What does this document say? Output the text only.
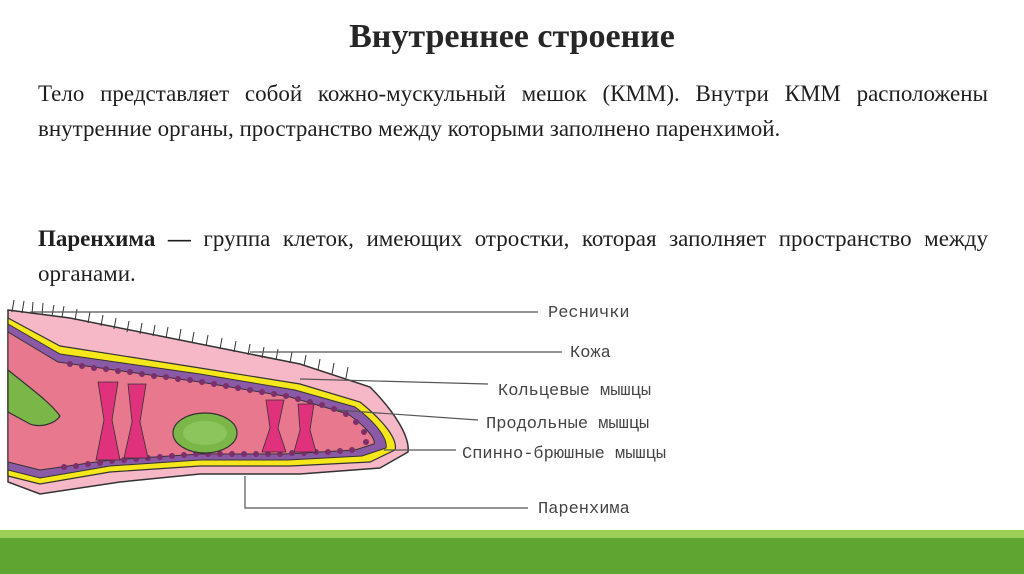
Внутреннее строение

Тело представляет собой кожно-мускульный мешок (КММ). Внутри КММ расположены внутренние органы, пространство между которыми заполнено паренхимой.

Паренхима — группа клеток, имеющих отростки, которая заполняет пространство между органами.

Реснички
Кожа
Кольцевые мышцы
Продольные мышцы
Спинно-брюшные мышцы
Паренхима
